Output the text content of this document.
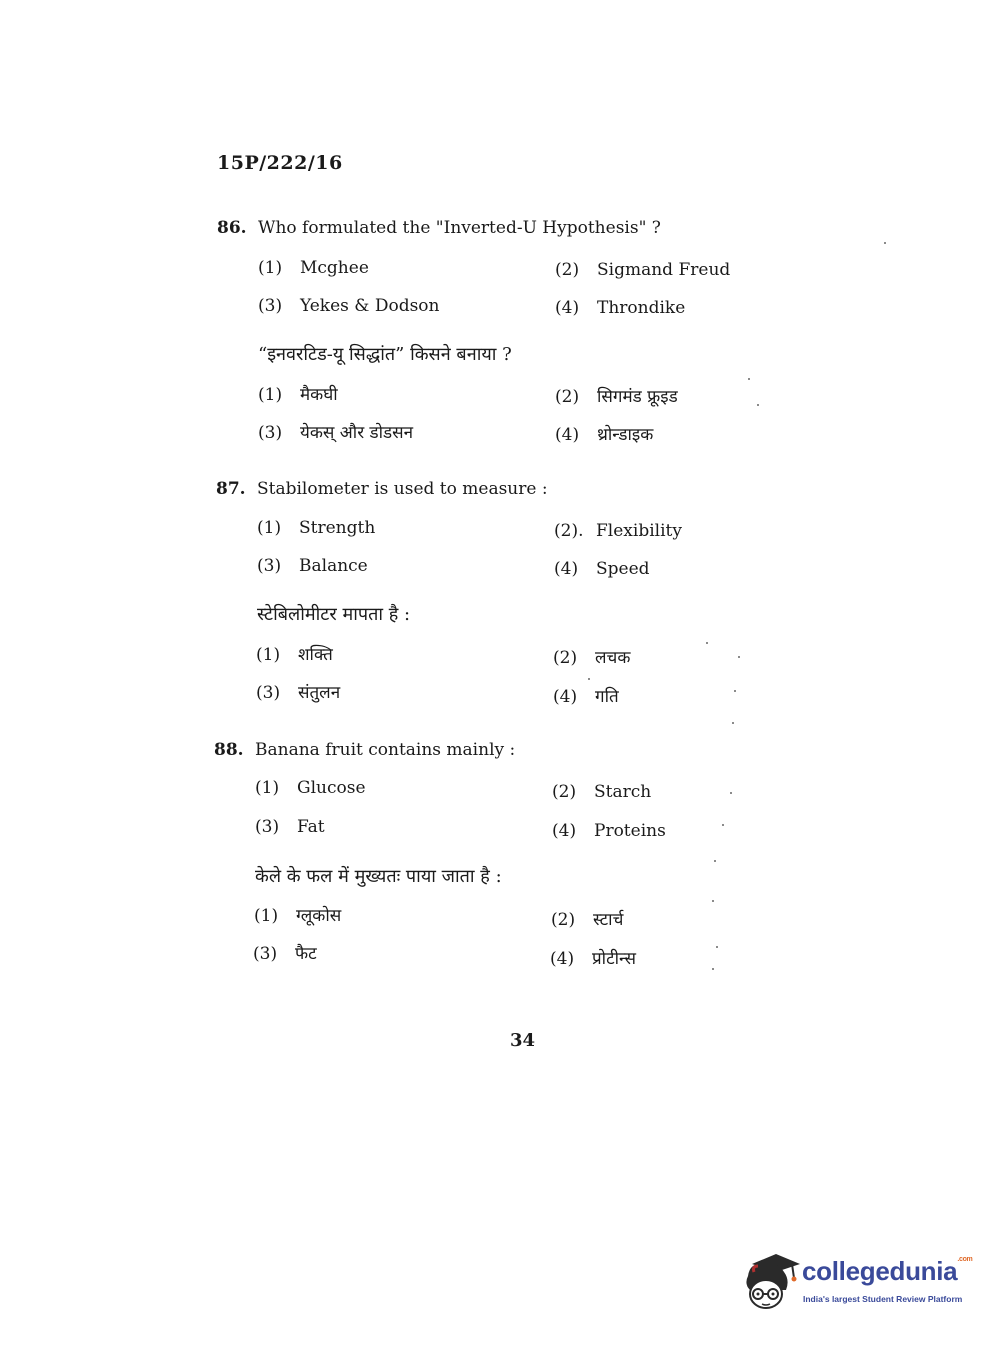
15P/222/16
86. Who formulated the "Inverted-U Hypothesis" ?
(1) Mcghee	(2) Sigmand Freud
(3) Yekes & Dodson	(4) Throndike
“इनवरटिड-यू सिद्धांत” किसने बनाया ?
(1) मैकघी	(2) सिगमंड फ्रूइड
(3) येकस् और डोडसन	(4) थ्रोन्डाइक
87. Stabilometer is used to measure :
(1) Strength	(2). Flexibility
(3) Balance	(4) Speed
स्टेबिलोमीटर मापता है :
(1) शक्ति	(2) लचक
(3) संतुलन	(4) गति
88. Banana fruit contains mainly :
(1) Glucose	(2) Starch
(3) Fat	(4) Proteins
केले के फल में मुख्यतः पाया जाता है :
(1) ग्लूकोस	(2) स्टार्च
(3) फैट	(4) प्रोटीन्स
34
collegedunia$^{.com}$
India's largest Student Review Platform
